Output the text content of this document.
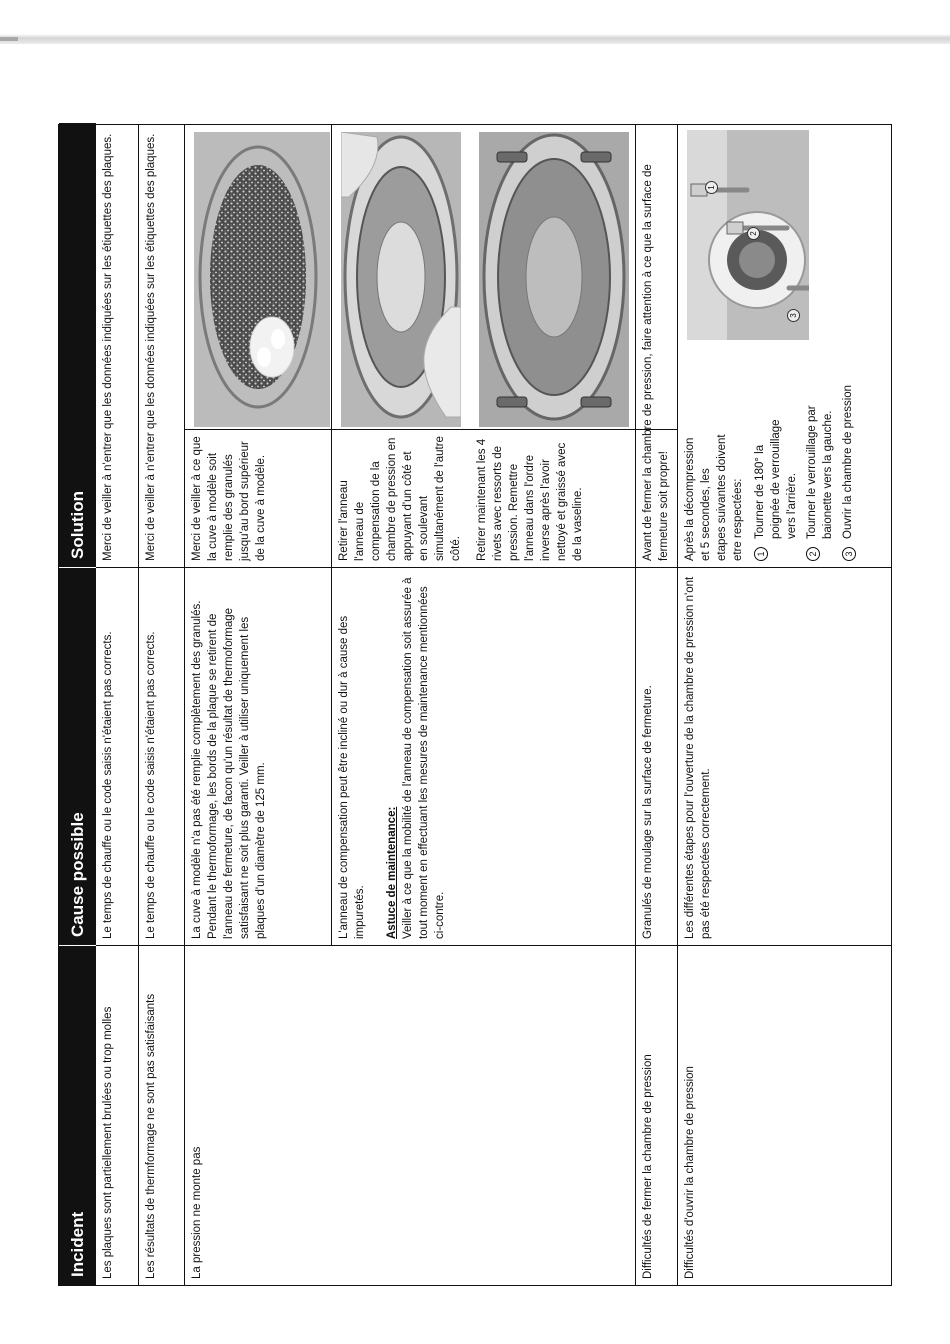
Incident
Cause possible
Solution
Les plaques sont partiellement brulées ou trop molles
Le temps de chauffe ou le code saisis n'étaient pas corrects.
Merci de veiller à n'entrer que les données indiquées sur les étiquettes des plaques.
Les résultats de thermformage ne sont pas satisfaisants
Le temps de chauffe ou le code saisis n'étaient pas corrects.
Merci de veiller à n'entrer que les données indiquées sur les étiquettes des plaques.
La pression ne monte pas
La cuve à modèle n'a pas été remplie complètement des granulés. Pendant le thermoformage, les bords de la plaque se retirent de l'anneau de fermeture, de facon qu'un résultat de thermoformage satisfaisant ne soit plus garanti. Veiller à utiliser uniquement les plaques d'un diamètre de 125 mm.
Merci de veiller à ce que la cuve à modèle soit remplie des granulés jusqu'au bord supérieur de la cuve à modèle.

L'anneau de compensation peut être incliné ou dur à cause des impuretés. Astuce de maintenance: Veiller à ce que la mobilité de l'anneau de compensation soit assurée à tout moment en effectuant les mesures de maintenance mentionnées ci-contre.

Retirer l'anneau l'anneau de compensation de la chambre de pression en appuyant d'un côté et en soulevant simultanément de l'autre côté. Retirer maintenant les 4 rivets avec ressorts de pression. Remettre l'anneau dans l'ordre inverse après l'avoir nettoyé et graissé avec de la vaseline.

Difficultés de fermer la chambre de pression
Granulés de moulage sur la surface de fermeture.
Avant de fermer la chambre de pression, faire attention à ce que la surface de fermeture soit propre!
Difficultés d'ouvrir la chambre de pression
Les différentes étapes pour l'ouverture de la chambre de pression n'ont pas été respectées correctement.

Après la décompression et 5 secondes, les etapes suivantes doivent etre respectées: 1
Tourner de 180° la poignée de verrouillage vers l'arrière.
2
Tourner le verrouillage par baionette vers la gauche.
3
Ouvrir la chambre de pression
1
2
3
